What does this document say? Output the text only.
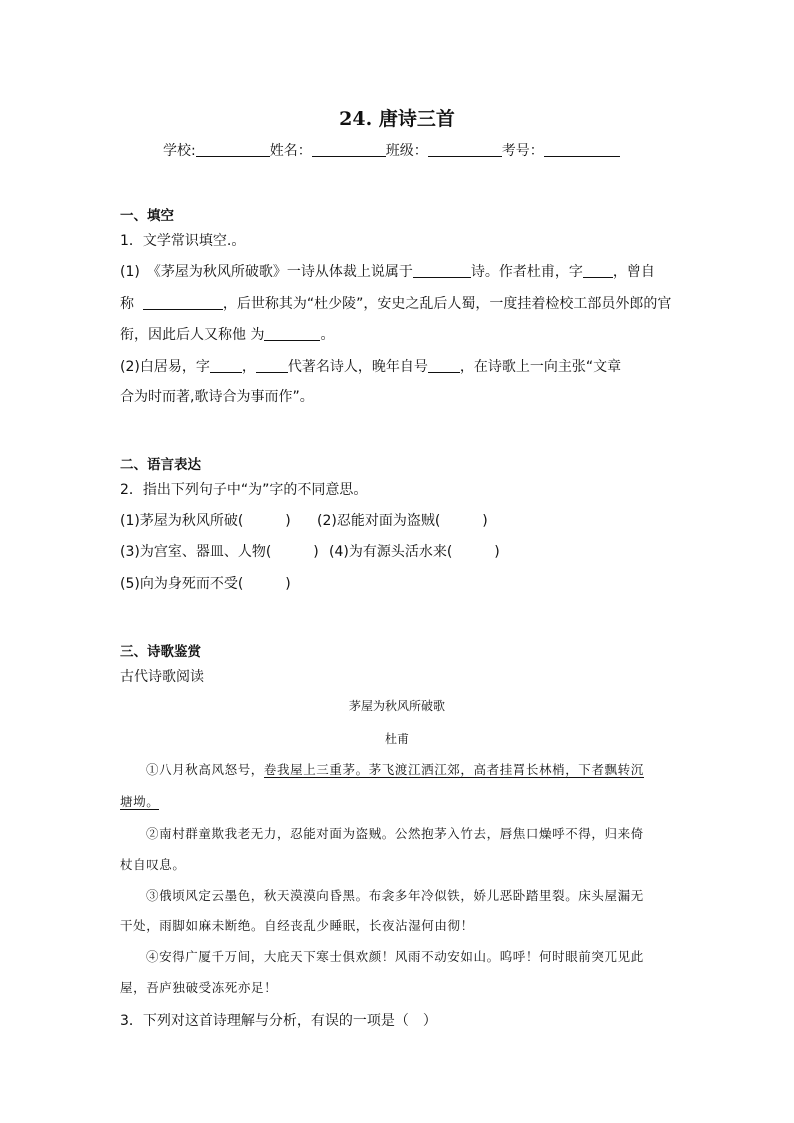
24. 唐诗三首
学校:	姓名：	班级：	考号：
一、填空
1．文学常识填空.。
(1)　《茅屋为秋风所破歌》一诗从体裁上说属于	诗。作者杜甫，字 ，曾自
称	，后世称其为“杜少陵”，安史之乱后人蜀，一度挂着检校工部员外郎的官
衔，因此后人又称他 为	。
(2)白居易，字 ， 代著名诗人，晚年自号 ，在诗歌上一向主张“文章
合为时而著,歌诗合为事而作”。
二、语言表达
2．指出下列句子中“为”字的不同意思。
(1)茅屋为秋风所破(　　　) (2)忍能对面为盗贼(　　　)
(3)为宫室、器皿、人物(　　　) (4)为有源头活水来(　　　)
(5)向为身死而不受(　　　)
三、诗歌鉴赏
古代诗歌阅读
茅屋为秋风所破歌
杜甫
①八月秋高风怒号，卷我屋上三重茅。茅飞渡江洒江郊，高者挂罥长林梢，下者飘转沉
塘坳。
②南村群童欺我老无力，忍能对面为盗贼。公然抱茅入竹去，唇焦口燥呼不得，归来倚
杖自叹息。
③俄顷风定云墨色，秋天漠漠向昏黑。布衾多年冷似铁，娇儿恶卧踏里裂。床头屋漏无
干处，雨脚如麻未断绝。自经丧乱少睡眠，长夜沾湿何由彻！
④安得广厦千万间，大庇天下寒士俱欢颜！风雨不动安如山。呜呼！何时眼前突兀见此
屋，吾庐独破受冻死亦足！
3．下列对这首诗理解与分析，有误的一项是（　）
